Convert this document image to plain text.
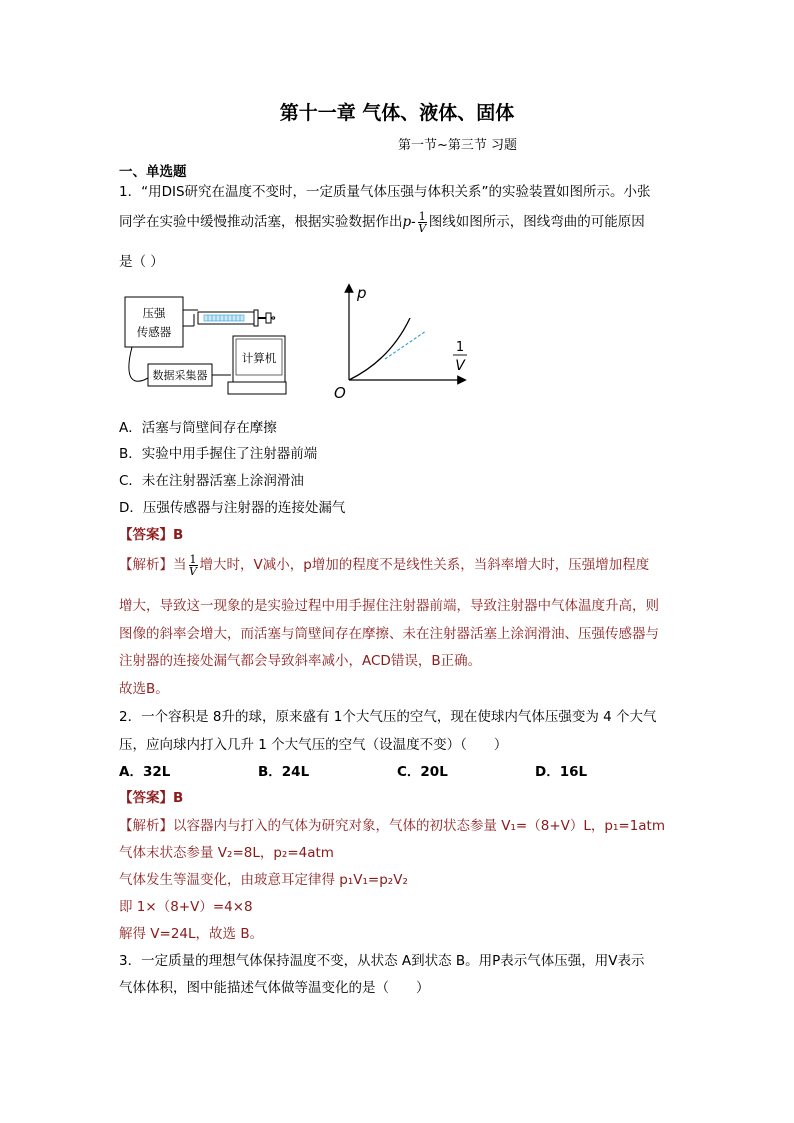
第十一章 气体、液体、固体
第一节~第三节 习题
一、单选题
1．“用DIS研究在温度不变时，一定质量气体压强与体积关系”的实验装置如图所示。小张
同学在实验中缓慢推动活塞，根据实验数据作出$p- \frac{1}{V}$ 图线如图所示，图线弯曲的可能原因
是（ ）
压强
传感器
数据采集器
计算机
p
O
1
V
A．活塞与筒壁间存在摩擦
B．实验中用手握住了注射器前端
C．未在注射器活塞上涂润滑油
D．压强传感器与注射器的连接处漏气
【答案】B
【解析】当 $\frac{1}{V}$ 增大时，V减小，p增加的程度不是线性关系，当斜率增大时，压强增加程度
增大，导致这一现象的是实验过程中用手握住注射器前端，导致注射器中气体温度升高，则
图像的斜率会增大，而活塞与筒壁间存在摩擦、未在注射器活塞上涂润滑油、压强传感器与
注射器的连接处漏气都会导致斜率减小，ACD错误，B正确。
故选B。
2．一个容积是 8升的球，原来盛有 1个大气压的空气，现在使球内气体压强变为 4 个大气
压，应向球内打入几升 1 个大气压的空气（设温度不变）（　　）
A．32L	B．24L	C．20L	D．16L
【答案】B
【解析】以容器内与打入的气体为研究对象，气体的初状态参量 V₁=（8+V）L，p₁=1atm
气体末状态参量 V₂=8L，p₂=4atm
气体发生等温变化，由玻意耳定律得 p₁V₁=p₂V₂
即 1×（8+V）=4×8
解得 V=24L，故选 B。
3．一定质量的理想气体保持温度不变，从状态 A到状态 B。用P表示气体压强，用V表示
气体体积，图中能描述气体做等温变化的是（　　）
